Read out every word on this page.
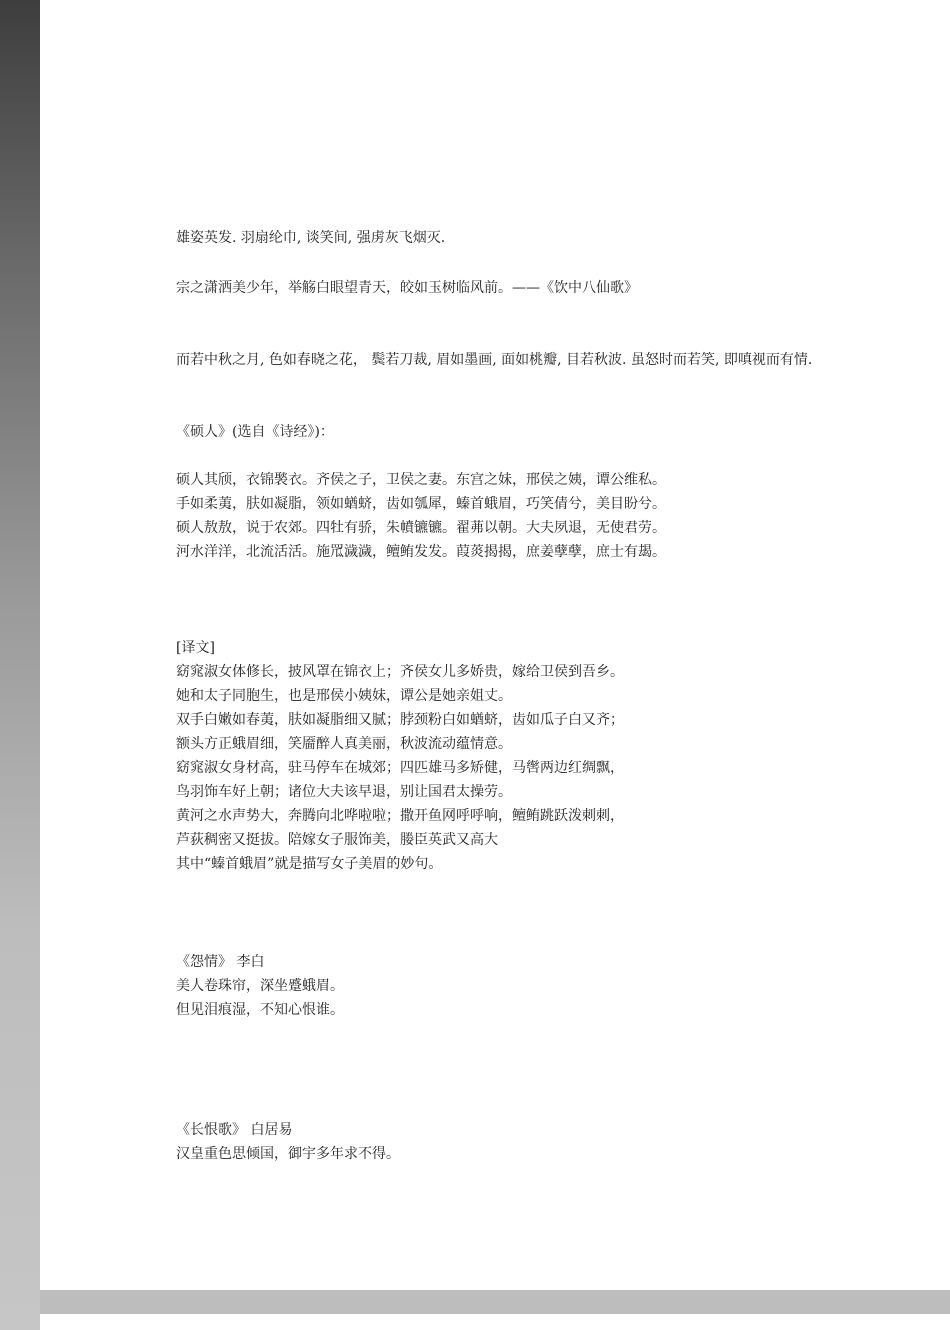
雄姿英发. 羽扇纶巾, 谈笑间, 强虏灰飞烟灭.
宗之潇洒美少年，举觞白眼望青天，皎如玉树临风前。——《饮中八仙歌》
而若中秋之月, 色如春晓之花， 鬓若刀裁, 眉如墨画, 面如桃瓣, 目若秋波. 虽怒时而若笑, 即嗔视而有情.
《硕人》(选自《诗经》)：
硕人其颀，衣锦褧衣。齐侯之子，卫侯之妻。东宫之妹，邢侯之姨，谭公维私。
手如柔荑，肤如凝脂，领如蝤蛴，齿如瓠犀，螓首蛾眉，巧笑倩兮，美目盼兮。
硕人敖敖，说于农郊。四牡有骄，朱幩镳镳。翟茀以朝。大夫夙退，无使君劳。
河水洋洋，北流活活。施罛濊濊，鳣鲔发发。葭菼揭揭，庶姜孽孽，庶士有朅。
[译文]
窈窕淑女体修长，披风罩在锦衣上；齐侯女儿多娇贵，嫁给卫侯到吾乡。
她和太子同胞生，也是邢侯小姨妹，谭公是她亲姐丈。
双手白嫩如春荑，肤如凝脂细又腻；脖颈粉白如蝤蛴，齿如瓜子白又齐；
额头方正蛾眉细，笑靥醉人真美丽，秋波流动蕴情意。
窈窕淑女身材高，驻马停车在城郊；四匹雄马多矫健，马辔两边红绸飘，
鸟羽饰车好上朝；诸位大夫该早退，别让国君太操劳。
黄河之水声势大，奔腾向北哗啦啦；撒开鱼网呼呼响，鳣鲔跳跃泼刺刺，
芦荻稠密又挺拔。陪嫁女子服饰美，媵臣英武又高大
其中“螓首蛾眉”就是描写女子美眉的妙句。
《怨情》 李白
美人卷珠帘，深坐蹙蛾眉。
但见泪痕湿，不知心恨谁。
《长恨歌》 白居易
汉皇重色思倾国，御宇多年求不得。
